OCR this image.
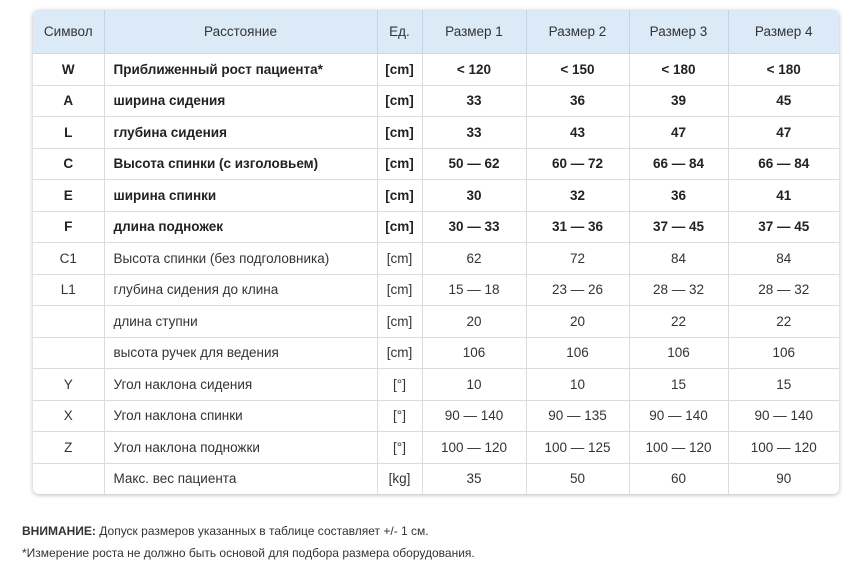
Символ	Расстояние	Ед.	Размер 1	Размер 2	Размер 3	Размер 4
W	Приближенный рост пациента*	[cm]	< 120	< 150	< 180	< 180
A	ширина сидения	[cm]	33	36	39	45
L	глубина сидения	[cm]	33	43	47	47
C	Высота спинки (с изголовьем)	[cm]	50 — 62	60 — 72	66 — 84	66 — 84
E	ширина спинки	[cm]	30	32	36	41
F	длина подножек	[cm]	30 — 33	31 — 36	37 — 45	37 — 45
C1	Высота спинки (без подголовника)	[cm]	62	72	84	84
L1	глубина сидения до клина	[cm]	15 — 18	23 — 26	28 — 32	28 — 32
	длина ступни	[cm]	20	20	22	22
	высота ручек для ведения	[cm]	106	106	106	106
Y	Угол наклона сидения	[°]	10	10	15	15
X	Угол наклона спинки	[°]	90 — 140	90 — 135	90 — 140	90 — 140
Z	Угол наклона подножки	[°]	100 — 120	100 — 125	100 — 120	100 — 120
	Макс. вес пациента	[kg]	35	50	60	90
ВНИМАНИЕ: Допуск размеров указанных в таблице составляет +/- 1 см.
*Измерение роста не должно быть основой для подбора размера оборудования.
